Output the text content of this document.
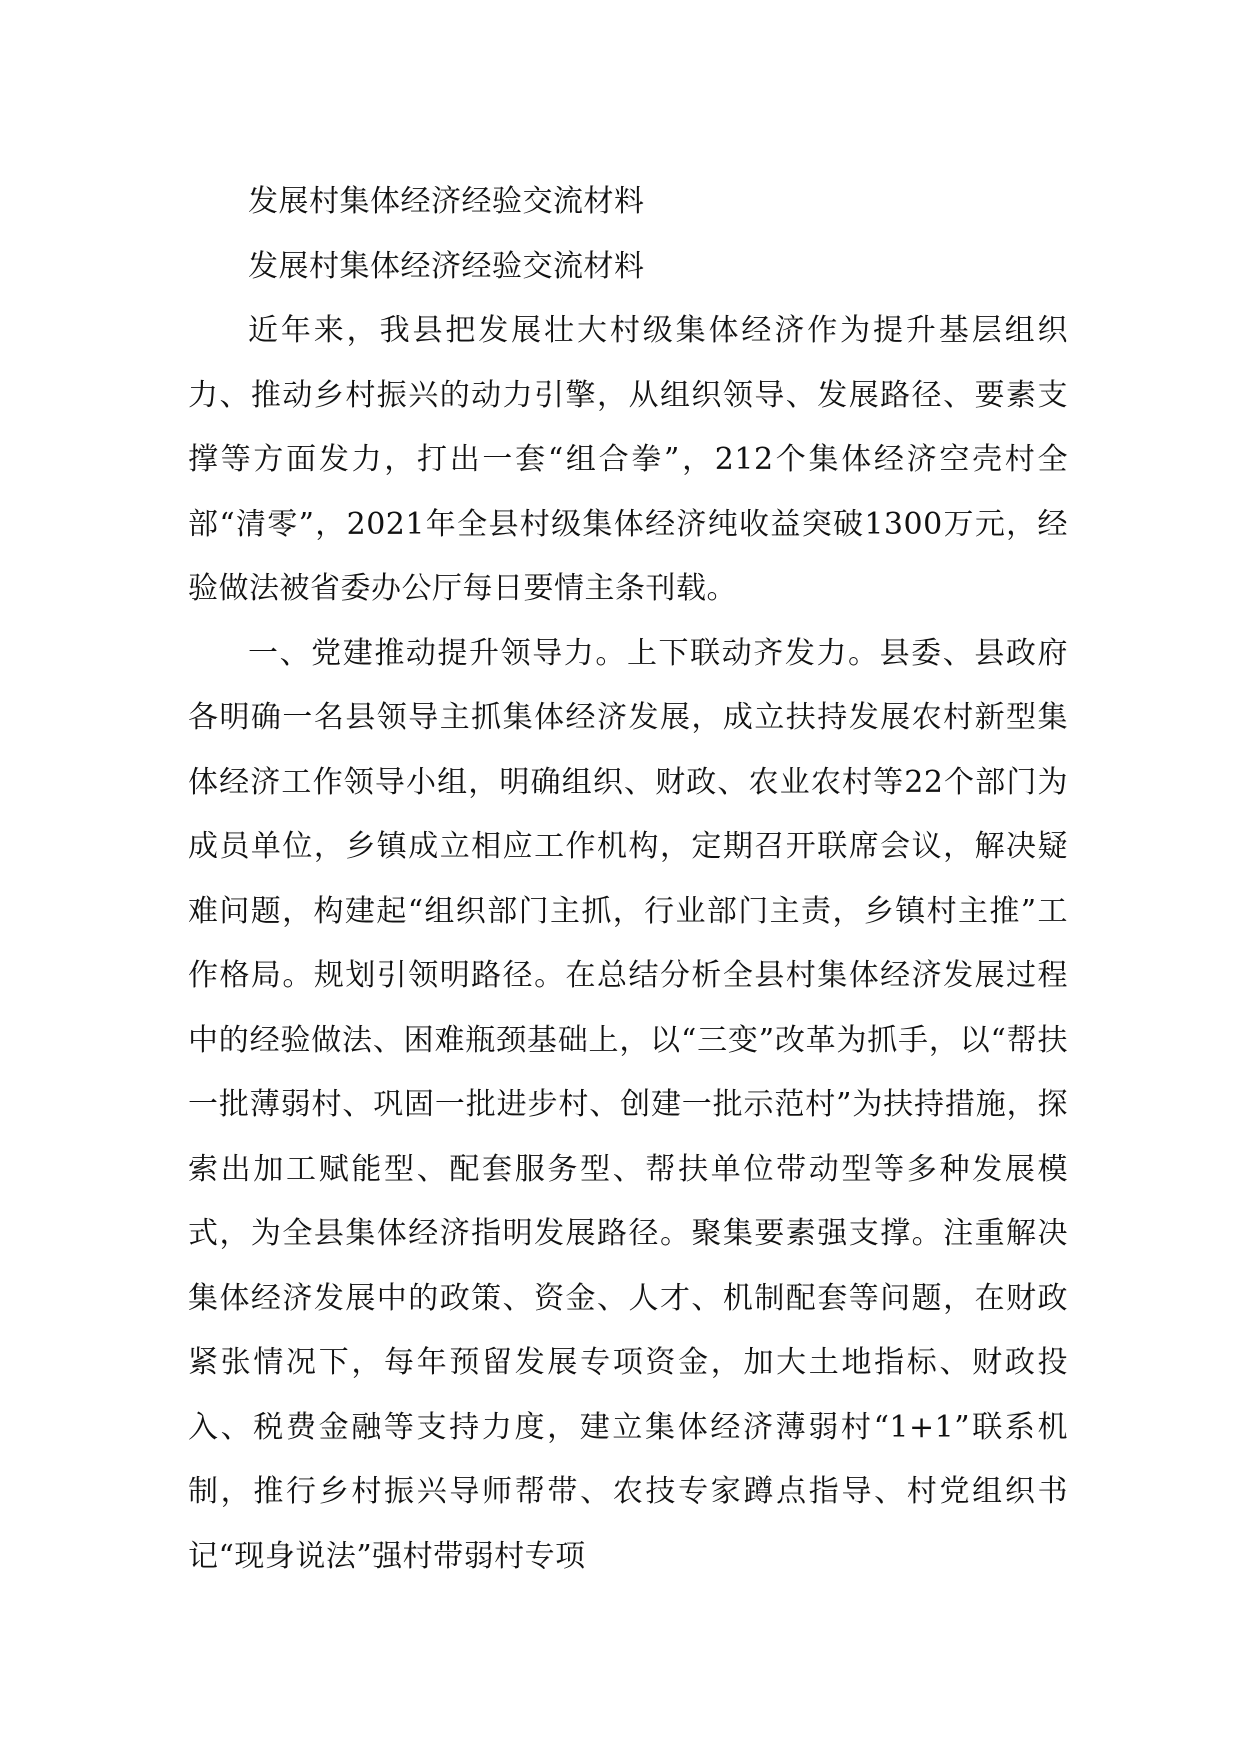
发展村集体经济经验交流材料

发展村集体经济经验交流材料

近年来，我县把发展壮大村级集体经济作为提升基层组织力、推动乡村振兴的动力引擎，从组织领导、发展路径、要素支撑等方面发力，打出一套“组合拳”，212个集体经济空壳村全部“清零”，2021年全县村级集体经济纯收益突破1300万元，经验做法被省委办公厅每日要情主条刊载。

一、党建推动提升领导力。上下联动齐发力。县委、县政府各明确一名县领导主抓集体经济发展，成立扶持发展农村新型集体经济工作领导小组，明确组织、财政、农业农村等22个部门为成员单位，乡镇成立相应工作机构，定期召开联席会议，解决疑难问题，构建起“组织部门主抓，行业部门主责，乡镇村主推”工作格局。规划引领明路径。在总结分析全县村集体经济发展过程中的经验做法、困难瓶颈基础上，以“三变”改革为抓手，以“帮扶一批薄弱村、巩固一批进步村、创建一批示范村”为扶持措施，探索出加工赋能型、配套服务型、帮扶单位带动型等多种发展模式，为全县集体经济指明发展路径。聚集要素强支撑。注重解决集体经济发展中的政策、资金、人才、机制配套等问题，在财政紧张情况下，每年预留发展专项资金，加大土地指标、财政投入、税费金融等支持力度，建立集体经济薄弱村“1+1”联系机制，推行乡村振兴导师帮带、农技专家蹲点指导、村党组织书记“现身说法”强村带弱村专项
